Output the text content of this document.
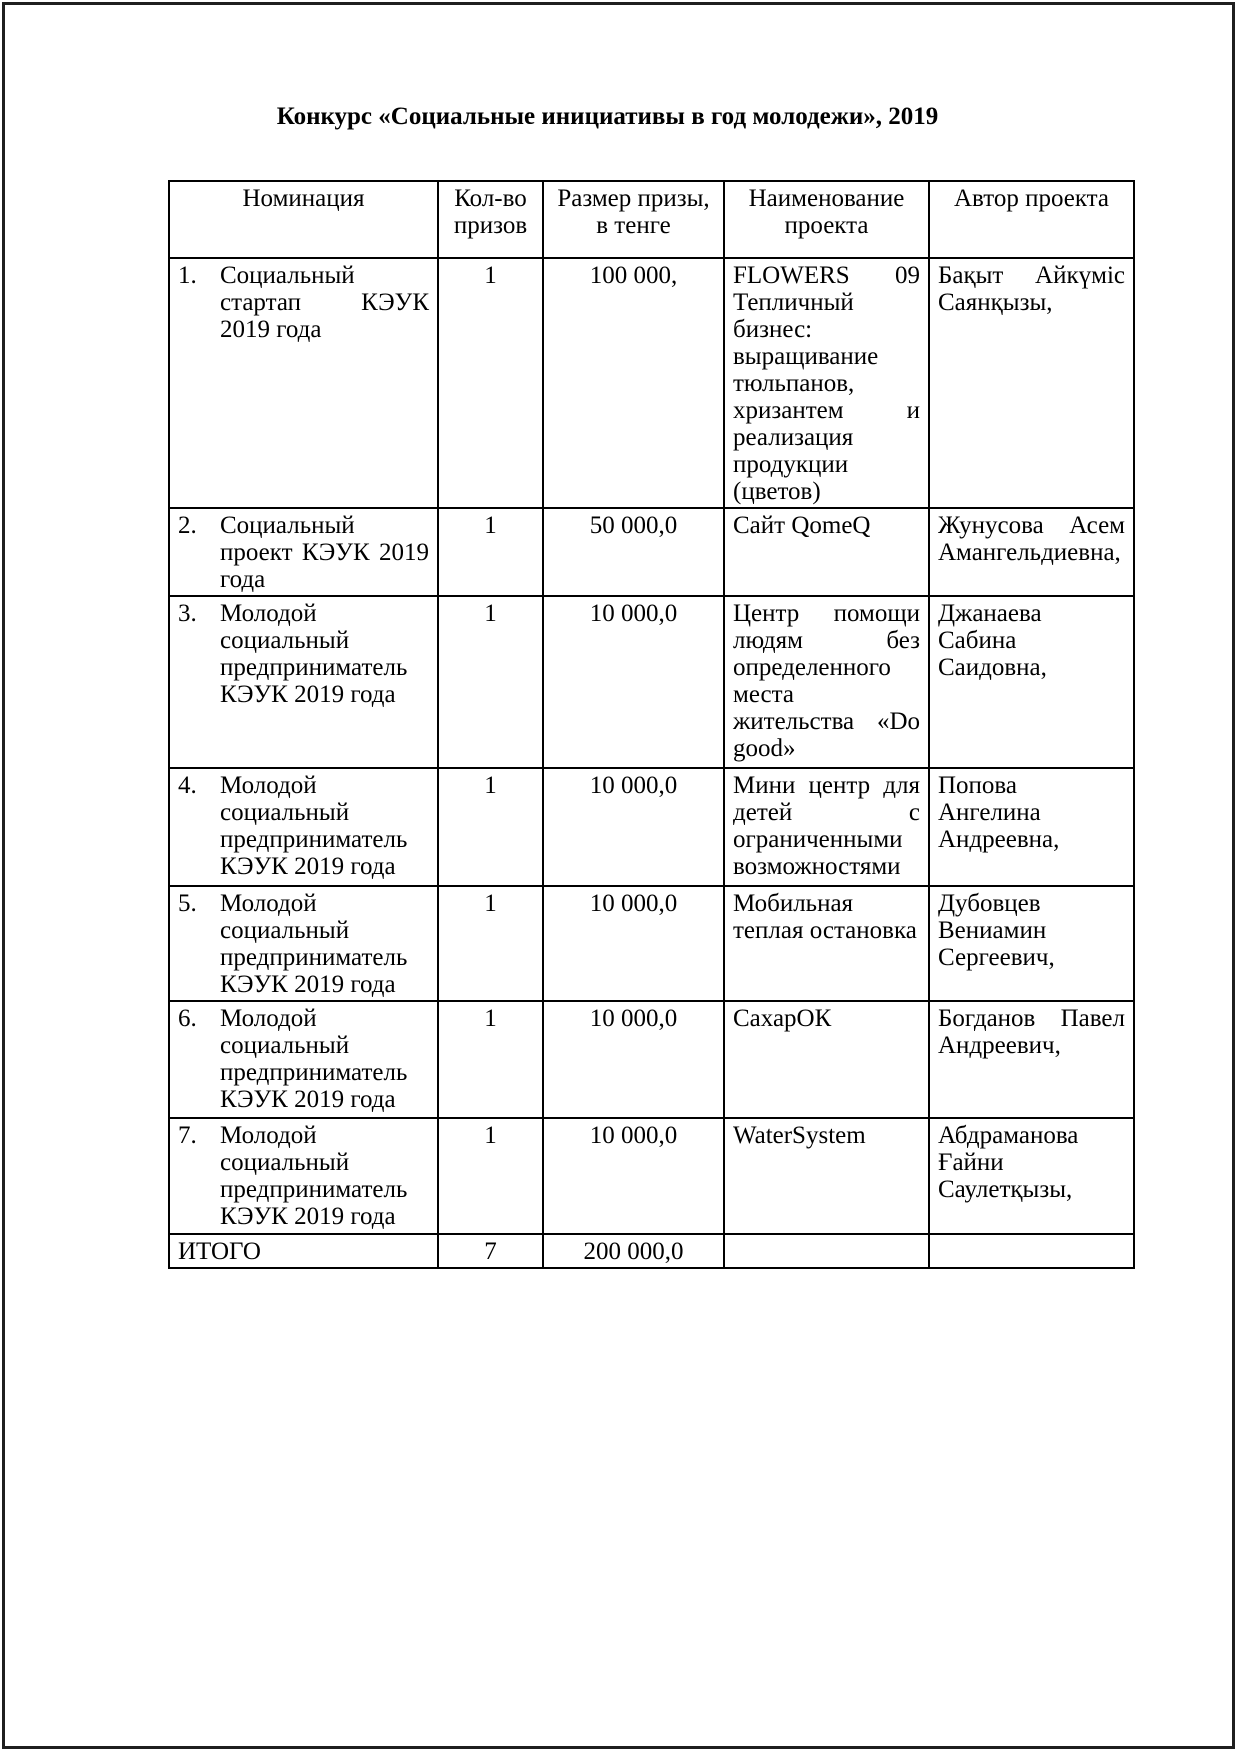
Конкурс «Социальные инициативы в год молодежи», 2019
Номинация	Кол-во призов	Размер призы, в тенге	Наименование проекта	Автор проекта

1. Социальный стартап КЭУК 2019 года	1	100 000,	FLOWERS 09 Тепличный бизнес: выращивание тюльпанов, хризантем и реализация продукции (цветов)	Бақыт Айкүміс Саянқызы,

2. Социальный проект КЭУК 2019 года	1	50 000,0	Сайт QomeQ	Жунусова Асем Амангельдиевна,

3. Молодой социальный предприниматель КЭУК 2019 года	1	10 000,0	Центр помощи людям без определенного места жительства «Do good»	Джанаева Сабина Саидовна,

4. Молодой социальный предприниматель КЭУК 2019 года	1	10 000,0	Мини центр для детей с ограниченными возможностями	Попова Ангелина Андреевна,

5. Молодой социальный предприниматель КЭУК 2019 года	1	10 000,0	Мобильная теплая остановка	Дубовцев Вениамин Сергеевич,

6. Молодой социальный предприниматель КЭУК 2019 года	1	10 000,0	СахарОК	Богданов Павел Андреевич,

7. Молодой социальный предприниматель КЭУК 2019 года	1	10 000,0	WaterSystem	Абдраманова Ғайни Саулетқызы,
ИТОГО	7	200 000,0		
